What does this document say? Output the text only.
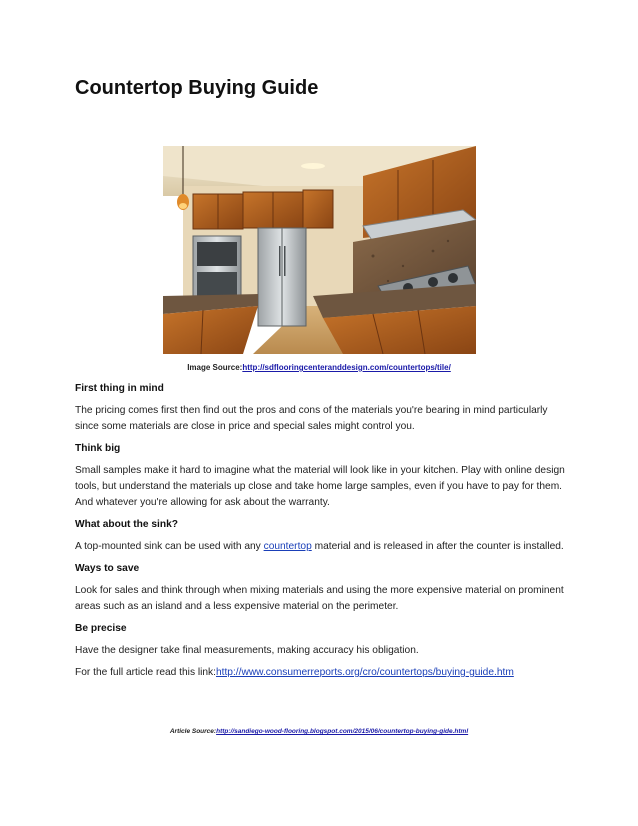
Countertop Buying Guide
Image Source:http://sdflooringcenteranddesign.com/countertops/tile/
First thing in mind

The pricing comes first then find out the pros and cons of the materials you're bearing in mind particularly since some materials are close in price and special sales might control you.

Think big

Small samples make it hard to imagine what the material will look like in your kitchen. Play with online design tools, but understand the materials up close and take home large samples, even if you have to pay for them. And whatever you're allowing for ask about the warranty.

What about the sink?

A top-mounted sink can be used with any countertop material and is released in after the counter is installed.

Ways to save

Look for sales and think through when mixing materials and using the more expensive material on prominent areas such as an island and a less expensive material on the perimeter.

Be precise

Have the designer take final measurements, making accuracy his obligation.

For the full article read this link:http://www.consumerreports.org/cro/countertops/buying-guide.htm

Article Source:http://sandiego-wood-flooring.blogspot.com/2015/06/countertop-buying-gide.html
